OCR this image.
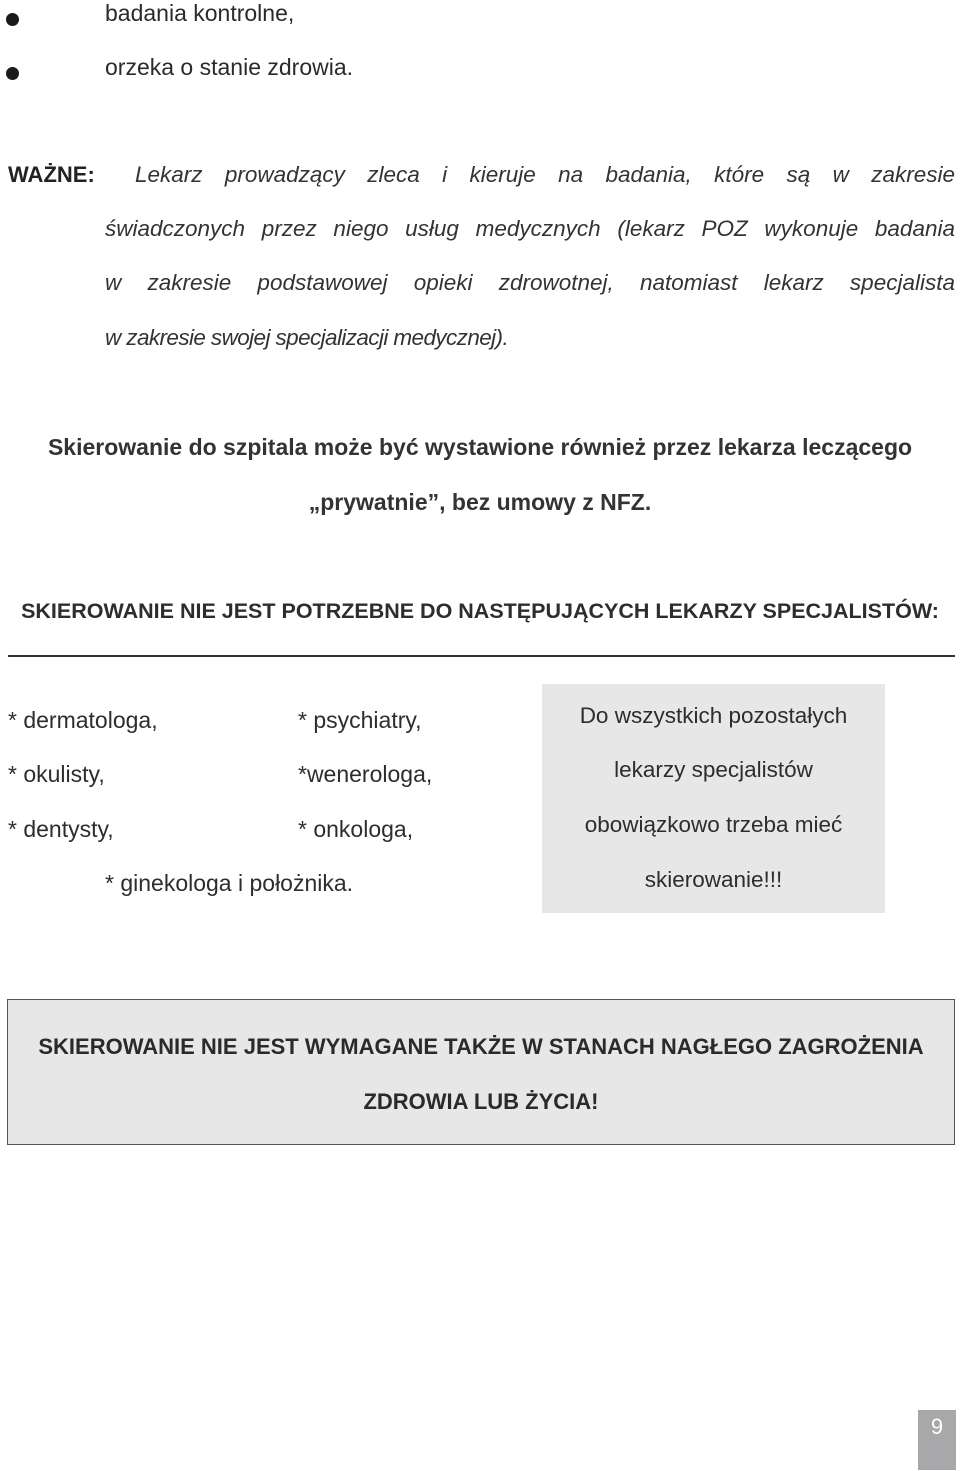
badania kontrolne,
orzeka o stanie zdrowia.
WAŻNE: Lekarz prowadzący zleca i kieruje na badania, które są w zakresie
świadczonych przez niego usług medycznych (lekarz POZ wykonuje badania
w zakresie podstawowej opieki zdrowotnej, natomiast lekarz specjalista
w zakresie swojej specjalizacji medycznej).
Skierowanie do szpitala może być wystawione również przez lekarza leczącego
„prywatnie”, bez umowy z NFZ.
SKIEROWANIE NIE JEST POTRZEBNE DO NASTĘPUJĄCYCH LEKARZY SPECJALISTÓW:
* dermatologa,
* okulisty,
* dentysty,
* psychiatry,
*wenerologa,
* onkologa,
* ginekologa i położnika.
Do wszystkich pozostałych
lekarzy specjalistów
obowiązkowo trzeba mieć
skierowanie!!!
SKIEROWANIE NIE JEST WYMAGANE TAKŻE W STANACH NAGŁEGO ZAGROŻENIA
ZDROWIA LUB ŻYCIA!
9
